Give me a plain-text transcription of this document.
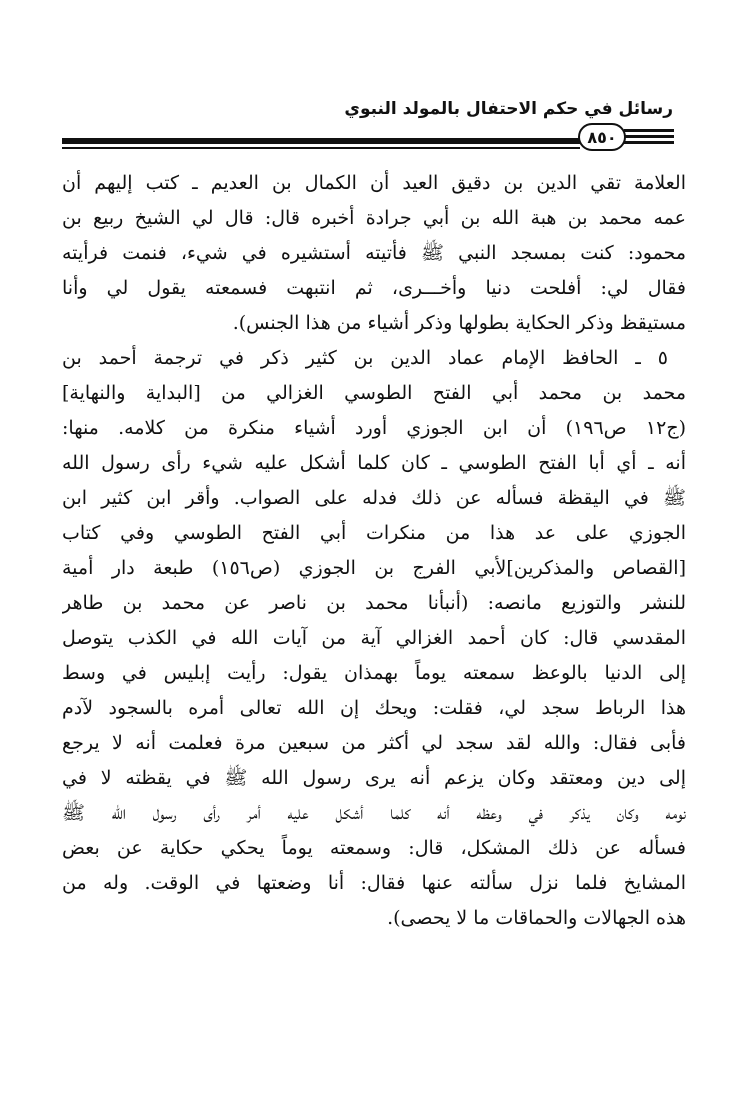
رسائل في حكم الاحتفال بالمولد النبوي
٨٥٠
العلامة تقي الدين بن دقيق العيد أن الكمال بن العديم ـ كتب إليهم أن
عمه محمد بن هبة الله بن أبي جرادة أخبره قال: قال لي الشيخ ربيع بن
محمود: كنت بمسجد النبي ﷺ فأتيته أستشيره في شيء، فنمت فرأيته
فقال لي: أفلحت دنيا وأخـــرى، ثم انتبهت فسمعته يقول لي وأنا
مستيقظ وذكر الحكاية بطولها وذكر أشياء من هذا الجنس).
٥ ـ الحافظ الإمام عماد الدين بن كثير ذكر في ترجمة أحمد بن
محمد بن محمد أبي الفتح الطوسي الغزالي من [البداية والنهاية]
(ج١٢ ص١٩٦) أن ابن الجوزي أورد أشياء منكرة من كلامه. منها:
أنه ـ أي أبا الفتح الطوسي ـ كان كلما أشكل عليه شيء رأى رسول الله
ﷺ في اليقظة فسأله عن ذلك فدله على الصواب. وأقر ابن كثير ابن
الجوزي على عد هذا من منكرات أبي الفتح الطوسي وفي كتاب
[القصاص والمذكرين]لأبي الفرج بن الجوزي (ص١٥٦) طبعة دار أمية
للنشر والتوزيع مانصه: (أنبأنا محمد بن ناصر عن محمد بن طاهر
المقدسي قال: كان أحمد الغزالي آية من آيات الله في الكذب يتوصل
إلى الدنيا بالوعظ سمعته يوماً بهمذان يقول: رأيت إبليس في وسط
هذا الرباط سجد لي، فقلت: ويحك إن الله تعالى أمره بالسجود لآدم
فأبى فقال: والله لقد سجد لي أكثر من سبعين مرة فعلمت أنه لا يرجع
إلى دين ومعتقد وكان يزعم أنه يرى رسول الله ﷺ في يقظته لا في
نومه وكان يذكر في وعظه أنه كلما أشكل عليه أمر رأى رسول الله ﷺ
فسأله عن ذلك المشكل، قال: وسمعته يوماً يحكي حكاية عن بعض
المشايخ فلما نزل سألته عنها فقال: أنا وضعتها في الوقت. وله من
هذه الجهالات والحماقات ما لا يحصى).
